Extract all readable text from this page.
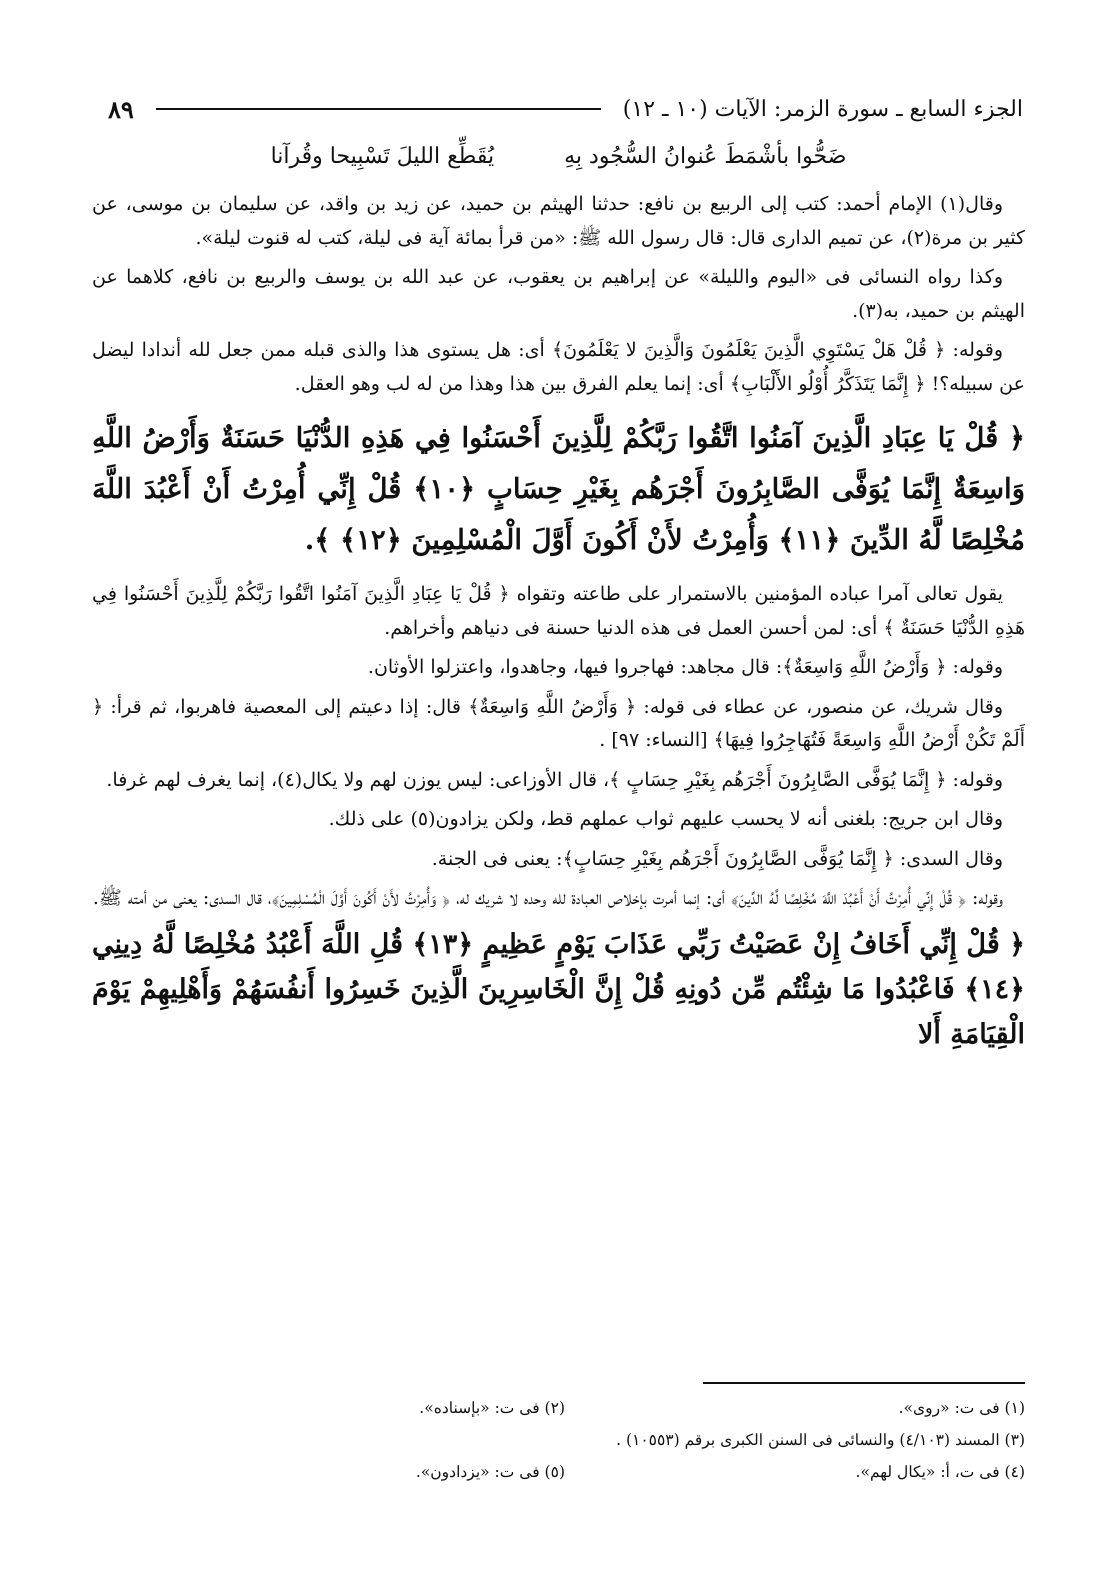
الجزء السابع ـ سورة الزمر: الآيات (١٠ ـ ١٢)
٨٩
ضَحُّوا بأشْمَطَ عُنوانُ السُّجُود بِهِ
يُقَطِّع الليلَ تَسْبِيحا وقُرآنا

وقال(١) الإمام أحمد: كتب إلى الربيع بن نافع: حدثنا الهيثم بن حميد، عن زيد بن واقد، عن سليمان بن موسى، عن كثير بن مرة(٢)، عن تميم الدارى قال: قال رسول الله ﷺ: «من قرأ بمائة آية فى ليلة، كتب له قنوت ليلة».

وكذا رواه النسائى فى «اليوم والليلة» عن إبراهيم بن يعقوب، عن عبد الله بن يوسف والربيع بن نافع، كلاهما عن الهيثم بن حميد، به(٣).

وقوله: ﴿ قُلْ هَلْ يَسْتَوِي الَّذِينَ يَعْلَمُونَ وَالَّذِينَ لا يَعْلَمُونَ﴾ أى: هل يستوى هذا والذى قبله ممن جعل لله أندادا ليضل عن سبيله؟! ﴿ إِنَّمَا يَتَذَكَّرُ أُوْلُو الأَلْبَابِ﴾ أى: إنما يعلم الفرق بين هذا وهذا من له لب وهو العقل.

﴿ قُلْ يَا عِبَادِ الَّذِينَ آمَنُوا اتَّقُوا رَبَّكُمْ لِلَّذِينَ أَحْسَنُوا فِي هَذِهِ الدُّنْيَا حَسَنَةٌ وَأَرْضُ اللَّهِ وَاسِعَةٌ إِنَّمَا يُوَفَّى الصَّابِرُونَ أَجْرَهُم بِغَيْرِ حِسَابٍ ﴿١٠﴾ قُلْ إِنِّي أُمِرْتُ أَنْ أَعْبُدَ اللَّهَ مُخْلِصًا لَّهُ الدِّينَ ﴿١١﴾ وَأُمِرْتُ لأَنْ أَكُونَ أَوَّلَ الْمُسْلِمِينَ ﴿١٢﴾ ﴾.

يقول تعالى آمرا عباده المؤمنين بالاستمرار على طاعته وتقواه ﴿ قُلْ يَا عِبَادِ الَّذِينَ آمَنُوا اتَّقُوا رَبَّكُمْ لِلَّذِينَ أَحْسَنُوا فِي هَذِهِ الدُّنْيَا حَسَنَةٌ ﴾ أى: لمن أحسن العمل فى هذه الدنيا حسنة فى دنياهم وأخراهم.

وقوله: ﴿ وَأَرْضُ اللَّهِ وَاسِعَةٌ﴾: قال مجاهد: فهاجروا فيها، وجاهدوا، واعتزلوا الأوثان.

وقال شريك، عن منصور، عن عطاء فى قوله: ﴿ وَأَرْضُ اللَّهِ وَاسِعَةٌ﴾ قال: إذا دعيتم إلى المعصية فاهربوا، ثم قرأ: ﴿ أَلَمْ تَكُنْ أَرْضُ اللَّهِ وَاسِعَةً فَتُهَاجِرُوا فِيهَا﴾ [النساء: ٩٧] .

وقوله: ﴿ إِنَّمَا يُوَفَّى الصَّابِرُونَ أَجْرَهُم بِغَيْرِ حِسَابٍ ﴾، قال الأوزاعى: ليس يوزن لهم ولا يكال(٤)، إنما يغرف لهم غرفا.

وقال ابن جريج: بلغنى أنه لا يحسب عليهم ثواب عملهم قط، ولكن يزادون(٥) على ذلك.

وقال السدى: ﴿ إِنَّمَا يُوَفَّى الصَّابِرُونَ أَجْرَهُم بِغَيْرِ حِسَابٍ﴾: يعنى فى الجنة.

وقوله: ﴿ قُلْ إِنِّي أُمِرْتُ أَنْ أَعْبُدَ اللَّهَ مُخْلِصًا لَّهُ الدِّينَ﴾ أى: إنما أمرت بإخلاص العبادة لله وحده لا شريك له، ﴿ وَأُمِرْتُ لأَنْ أَكُونَ أَوَّلَ الْمُسْلِمِينَ﴾، قال السدى: يعنى من أمته ﷺ.

﴿ قُلْ إِنِّي أَخَافُ إِنْ عَصَيْتُ رَبِّي عَذَابَ يَوْمٍ عَظِيمٍ ﴿١٣﴾ قُلِ اللَّهَ أَعْبُدُ مُخْلِصًا لَّهُ دِينِي ﴿١٤﴾ فَاعْبُدُوا مَا شِئْتُم مِّن دُونِهِ قُلْ إِنَّ الْخَاسِرِينَ الَّذِينَ خَسِرُوا أَنفُسَهُمْ وَأَهْلِيهِمْ يَوْمَ الْقِيَامَةِ أَلا

(١) فى ت: «روى».
(٢) فى ت: «بإسناده».
(٣) المسند (٤/١٠٣) والنسائى فى السنن الكبرى برقم (١٠٥٥٣) .
(٤) فى ت، أ: «يكال لهم».
(٥) فى ت: «يزدادون».
